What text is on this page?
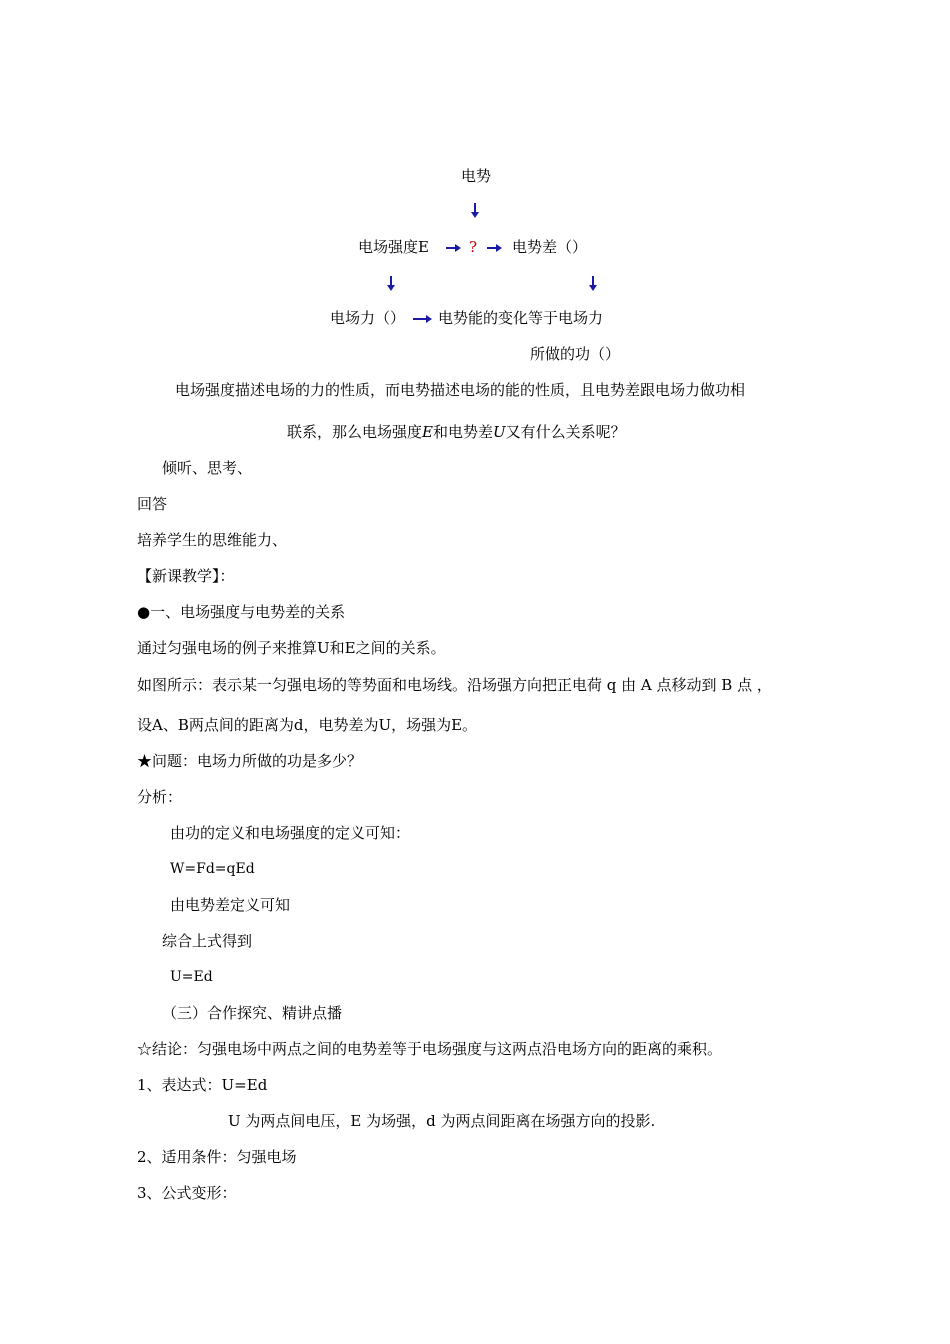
电势
电场强度E	? 电势差（）
电场力（） 电势能的变化等于电场力
所做的功（）
电场强度描述电场的力的性质，而电势描述电场的能的性质，且电势差跟电场力做功相
联系，那么电场强度E和电势差U又有什么关系呢？
倾听、思考、
回答
培养学生的思维能力、
【新课教学】：
●一、电场强度与电势差的关系
通过匀强电场的例子来推算U和E之间的关系。
如图所示：表示某一匀强电场的等势面和电场线。沿场强方向把正电荷 q 由 A 点移动到 B 点 ，
设A、B两点间的距离为d，电势差为U，场强为E。
★问题：电场力所做的功是多少？
分析：
由功的定义和电场强度的定义可知：
W=Fd=qEd
由电势差定义可知
综合上式得到
U=Ed
（三）合作探究、精讲点播
☆结论：匀强电场中两点之间的电势差等于电场强度与这两点沿电场方向的距离的乘积。
1、表达式：U=Ed
U 为两点间电压，E 为场强，d 为两点间距离在场强方向的投影.
2、适用条件：匀强电场
3、公式变形：
